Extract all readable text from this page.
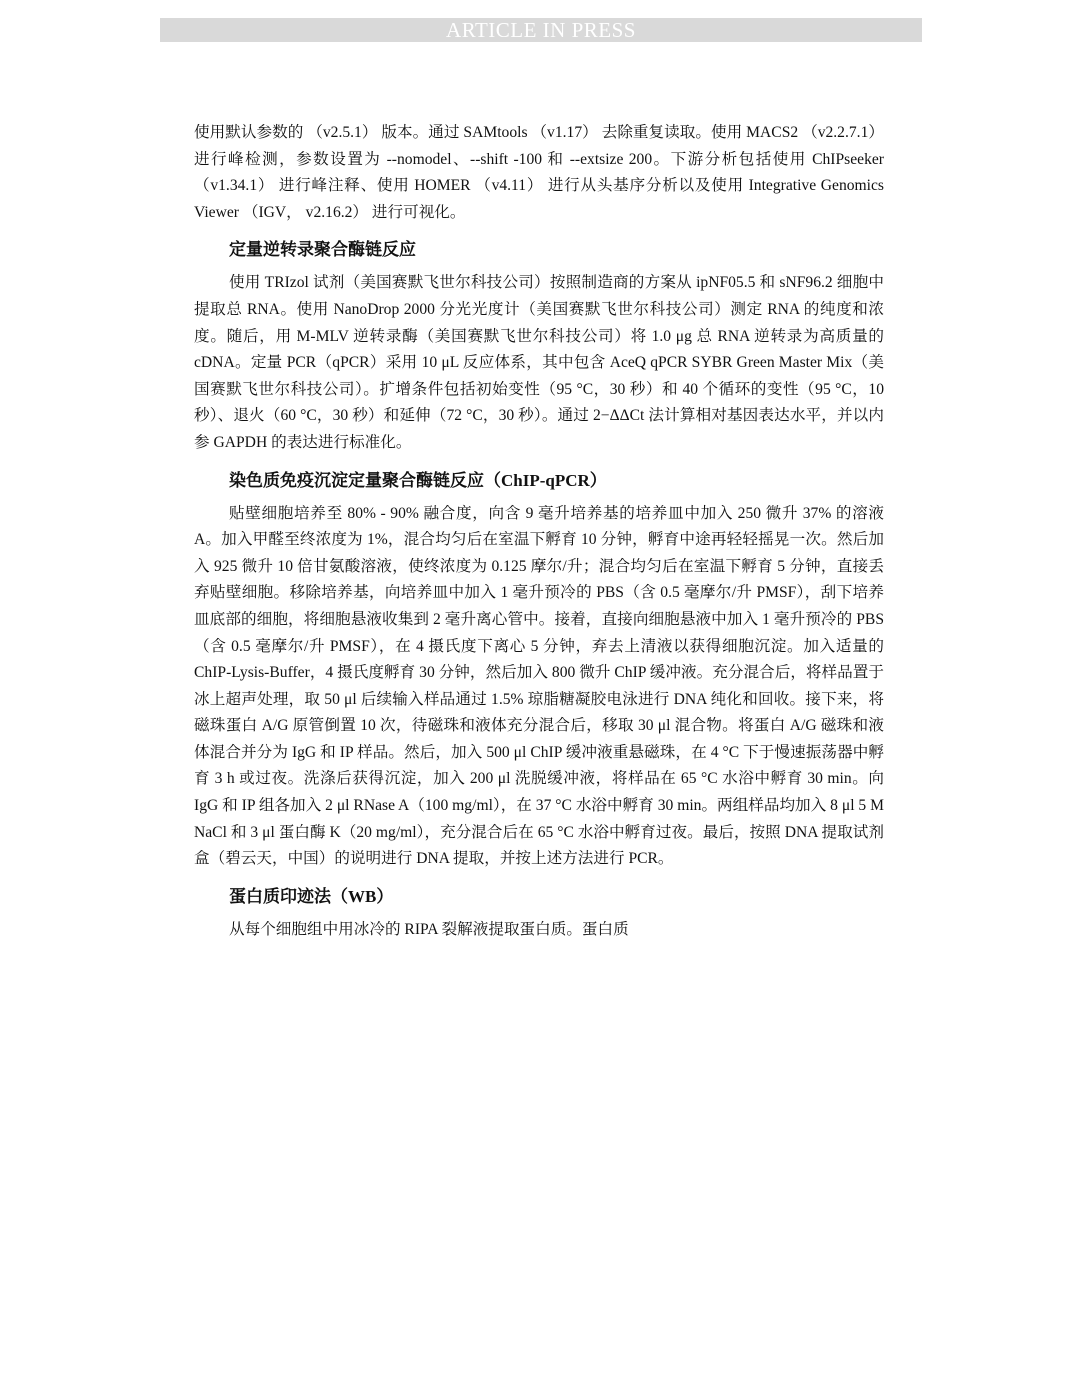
ARTICLE IN PRESS

使用默认参数的 （v2.5.1） 版本。通过 SAMtools （v1.17） 去除重复读取。使用 MACS2 （v2.2.7.1） 进行峰检测，参数设置为 --nomodel、--shift -100 和 --extsize 200。下游分析包括使用 ChIPseeker （v1.34.1） 进行峰注释、使用 HOMER （v4.11） 进行从头基序分析以及使用 Integrative Genomics Viewer （IGV， v2.16.2） 进行可视化。

定量逆转录聚合酶链反应

使用 TRIzol 试剂（美国赛默飞世尔科技公司）按照制造商的方案从 ipNF05.5 和 sNF96.2 细胞中提取总 RNA。使用 NanoDrop 2000 分光光度计（美国赛默飞世尔科技公司）测定 RNA 的纯度和浓度。随后，用 M-MLV 逆转录酶（美国赛默飞世尔科技公司）将 1.0 μg 总 RNA 逆转录为高质量的 cDNA。定量 PCR（qPCR）采用 10 μL 反应体系，其中包含 AceQ qPCR SYBR Green Master Mix（美国赛默飞世尔科技公司）。扩增条件包括初始变性（95 °C，30 秒）和 40 个循环的变性（95 °C，10 秒）、退火（60 °C，30 秒）和延伸（72 °C，30 秒）。通过 2−ΔΔCt 法计算相对基因表达水平，并以内参 GAPDH 的表达进行标准化。

染色质免疫沉淀定量聚合酶链反应（ChIP-qPCR）

贴壁细胞培养至 80% - 90% 融合度，向含 9 毫升培养基的培养皿中加入 250 微升 37% 的溶液 A。加入甲醛至终浓度为 1%，混合均匀后在室温下孵育 10 分钟，孵育中途再轻轻摇晃一次。然后加入 925 微升 10 倍甘氨酸溶液，使终浓度为 0.125 摩尔/升；混合均匀后在室温下孵育 5 分钟，直接丢弃贴壁细胞。移除培养基，向培养皿中加入 1 毫升预冷的 PBS（含 0.5 毫摩尔/升 PMSF），刮下培养皿底部的细胞，将细胞悬液收集到 2 毫升离心管中。接着，直接向细胞悬液中加入 1 毫升预冷的 PBS（含 0.5 毫摩尔/升 PMSF），在 4 摄氏度下离心 5 分钟，弃去上清液以获得细胞沉淀。加入适量的 ChIP-Lysis-Buffer，4 摄氏度孵育 30 分钟，然后加入 800 微升 ChIP 缓冲液。充分混合后，将样品置于冰上超声处理，取 50 μl 后续输入样品通过 1.5% 琼脂糖凝胶电泳进行 DNA 纯化和回收。接下来，将磁珠蛋白 A/G 原管倒置 10 次，待磁珠和液体充分混合后，移取 30 μl 混合物。将蛋白 A/G 磁珠和液体混合并分为 IgG 和 IP 样品。然后，加入 500 μl ChIP 缓冲液重悬磁珠，在 4 °C 下于慢速振荡器中孵育 3 h 或过夜。洗涤后获得沉淀，加入 200 μl 洗脱缓冲液，将样品在 65 °C 水浴中孵育 30 min。向 IgG 和 IP 组各加入 2 μl RNase A（100 mg/ml），在 37 °C 水浴中孵育 30 min。两组样品均加入 8 μl 5 M NaCl 和 3 μl 蛋白酶 K（20 mg/ml），充分混合后在 65 °C 水浴中孵育过夜。最后，按照 DNA 提取试剂盒（碧云天，中国）的说明进行 DNA 提取，并按上述方法进行 PCR。

蛋白质印迹法（WB）

从每个细胞组中用冰冷的 RIPA 裂解液提取蛋白质。蛋白质
